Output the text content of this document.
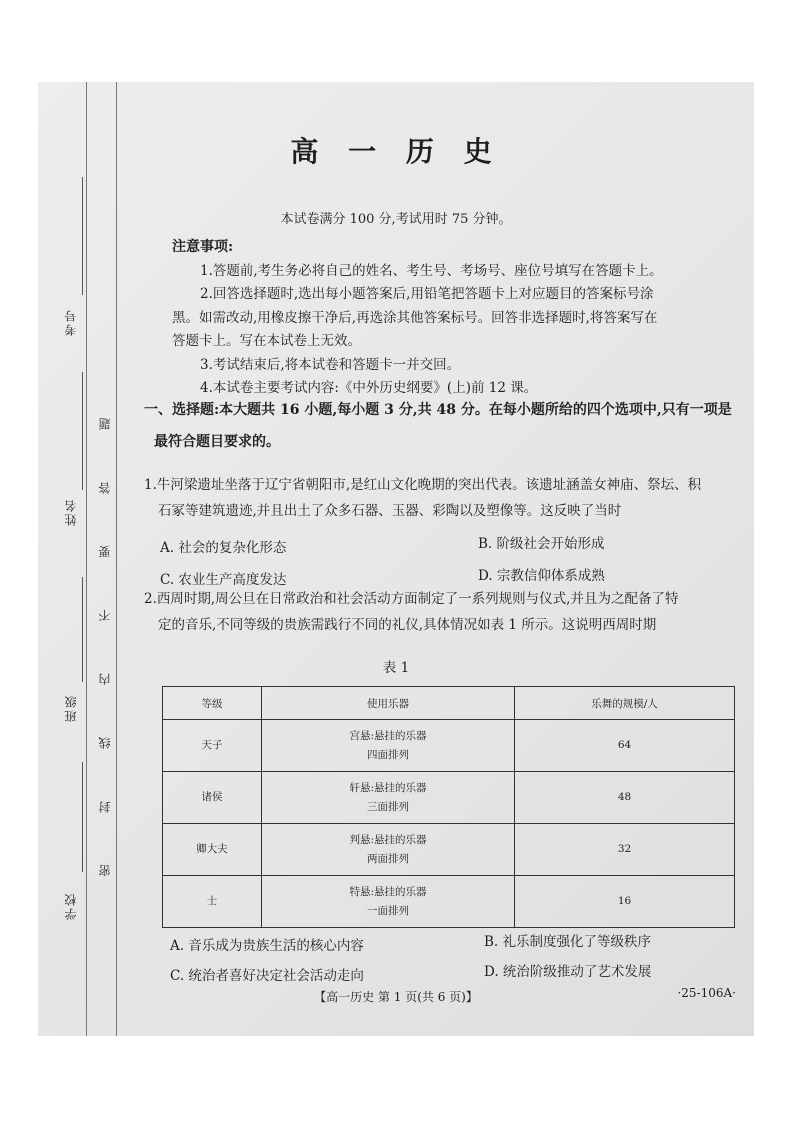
考号
姓名
班级
学校
密 封 线 内 不 要 答 题
高 一 历 史
本试卷满分 100 分,考试用时 75 分钟。

注意事项:

1.答题前,考生务必将自己的姓名、考生号、考场号、座位号填写在答题卡上。

2.回答选择题时,选出每小题答案后,用铅笔把答题卡上对应题目的答案标号涂

黑。如需改动,用橡皮擦干净后,再选涂其他答案标号。回答非选择题时,将答案写在

答题卡上。写在本试卷上无效。

3.考试结束后,将本试卷和答题卡一并交回。

4.本试卷主要考试内容:《中外历史纲要》(上)前 12 课。

一、选择题:本大题共 16 小题,每小题 3 分,共 48 分。在每小题所给的四个选项中,只有一项是
最符合题目要求的。

1.牛河梁遗址坐落于辽宁省朝阳市,是红山文化晚期的突出代表。该遗址涵盖女神庙、祭坛、积

石冢等建筑遗迹,并且出土了众多石器、玉器、彩陶以及塑像等。这反映了当时

A. 社会的复杂化形态	B. 阶级社会开始形成
C. 农业生产高度发达	D. 宗教信仰体系成熟

2.西周时期,周公旦在日常政治和社会活动方面制定了一系列规则与仪式,并且为之配备了特

定的音乐,不同等级的贵族需践行不同的礼仪,具体情况如表 1 所示。这说明西周时期

表 1
等级	使用乐器	乐舞的规模/人
天子	宫悬:悬挂的乐器
四面排列	64
诸侯	轩悬:悬挂的乐器
三面排列	48
卿大夫	判悬:悬挂的乐器
两面排列	32
士	特悬:悬挂的乐器
一面排列	16
A. 音乐成为贵族生活的核心内容	B. 礼乐制度强化了等级秩序
C. 统治者喜好决定社会活动走向	D. 统治阶级推动了艺术发展
【高一历史 第 1 页(共 6 页)】	·25-106A·
